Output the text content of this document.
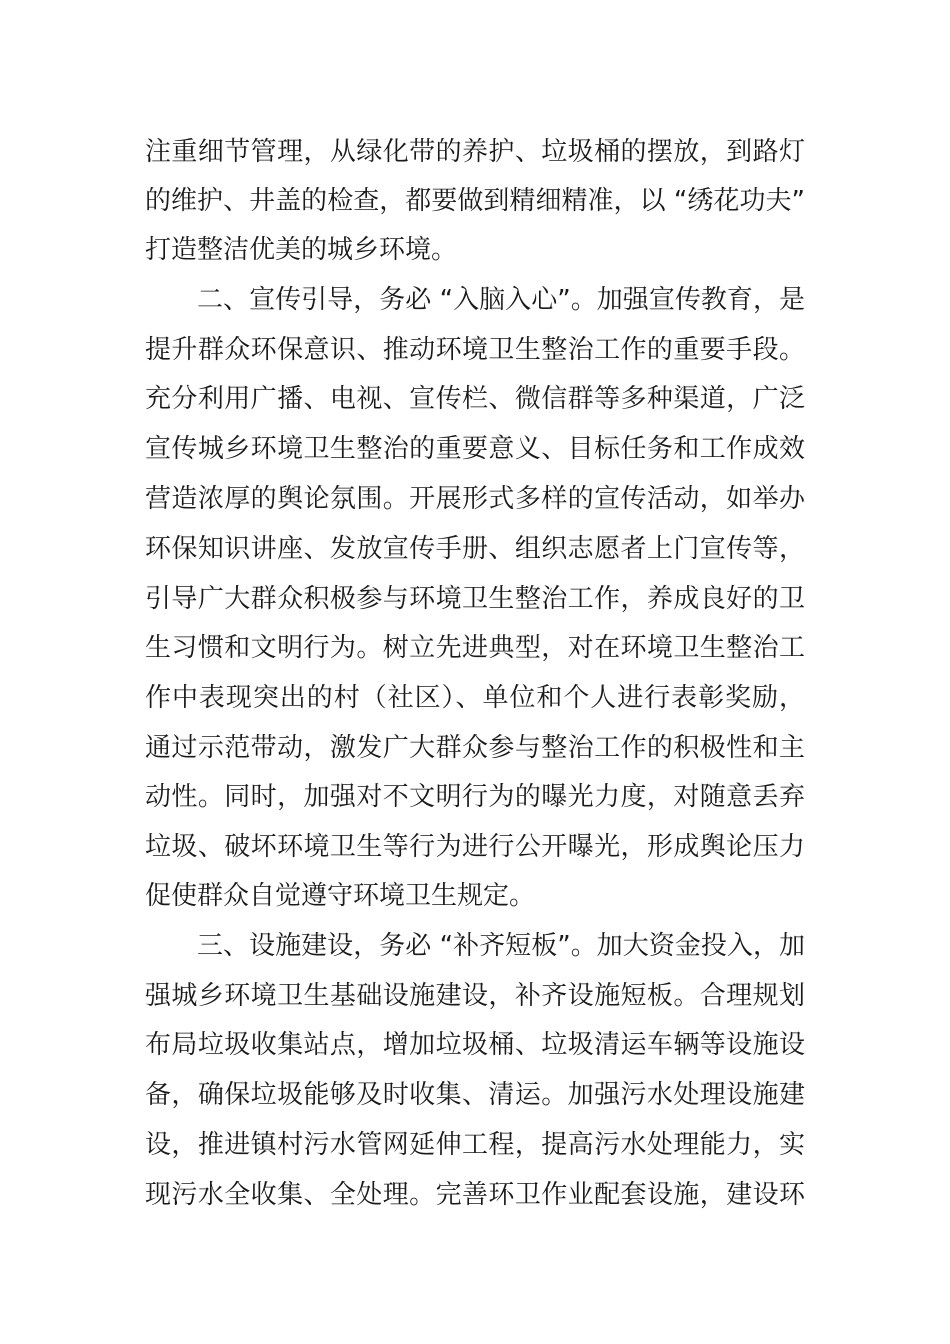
注重细节管理，从绿化带的养护、垃圾桶的摆放，到路灯
的维护、井盖的检查，都要做到精细精准，以 “绣花功夫”
打造整洁优美的城乡环境。
二、宣传引导，务必 “入脑入心”。加强宣传教育，是
提升群众环保意识、推动环境卫生整治工作的重要手段。
充分利用广播、电视、宣传栏、微信群等多种渠道，广泛
宣传城乡环境卫生整治的重要意义、目标任务和工作成效
营造浓厚的舆论氛围。开展形式多样的宣传活动，如举办
环保知识讲座、发放宣传手册、组织志愿者上门宣传等，
引导广大群众积极参与环境卫生整治工作，养成良好的卫
生习惯和文明行为。树立先进典型，对在环境卫生整治工
作中表现突出的村（社区）、单位和个人进行表彰奖励，
通过示范带动，激发广大群众参与整治工作的积极性和主
动性。同时，加强对不文明行为的曝光力度，对随意丢弃
垃圾、破坏环境卫生等行为进行公开曝光，形成舆论压力
促使群众自觉遵守环境卫生规定。
三、设施建设，务必 “补齐短板”。加大资金投入，加
强城乡环境卫生基础设施建设，补齐设施短板。合理规划
布局垃圾收集站点，增加垃圾桶、垃圾清运车辆等设施设
备，确保垃圾能够及时收集、清运。加强污水处理设施建
设，推进镇村污水管网延伸工程，提高污水处理能力，实
现污水全收集、全处理。完善环卫作业配套设施，建设环
